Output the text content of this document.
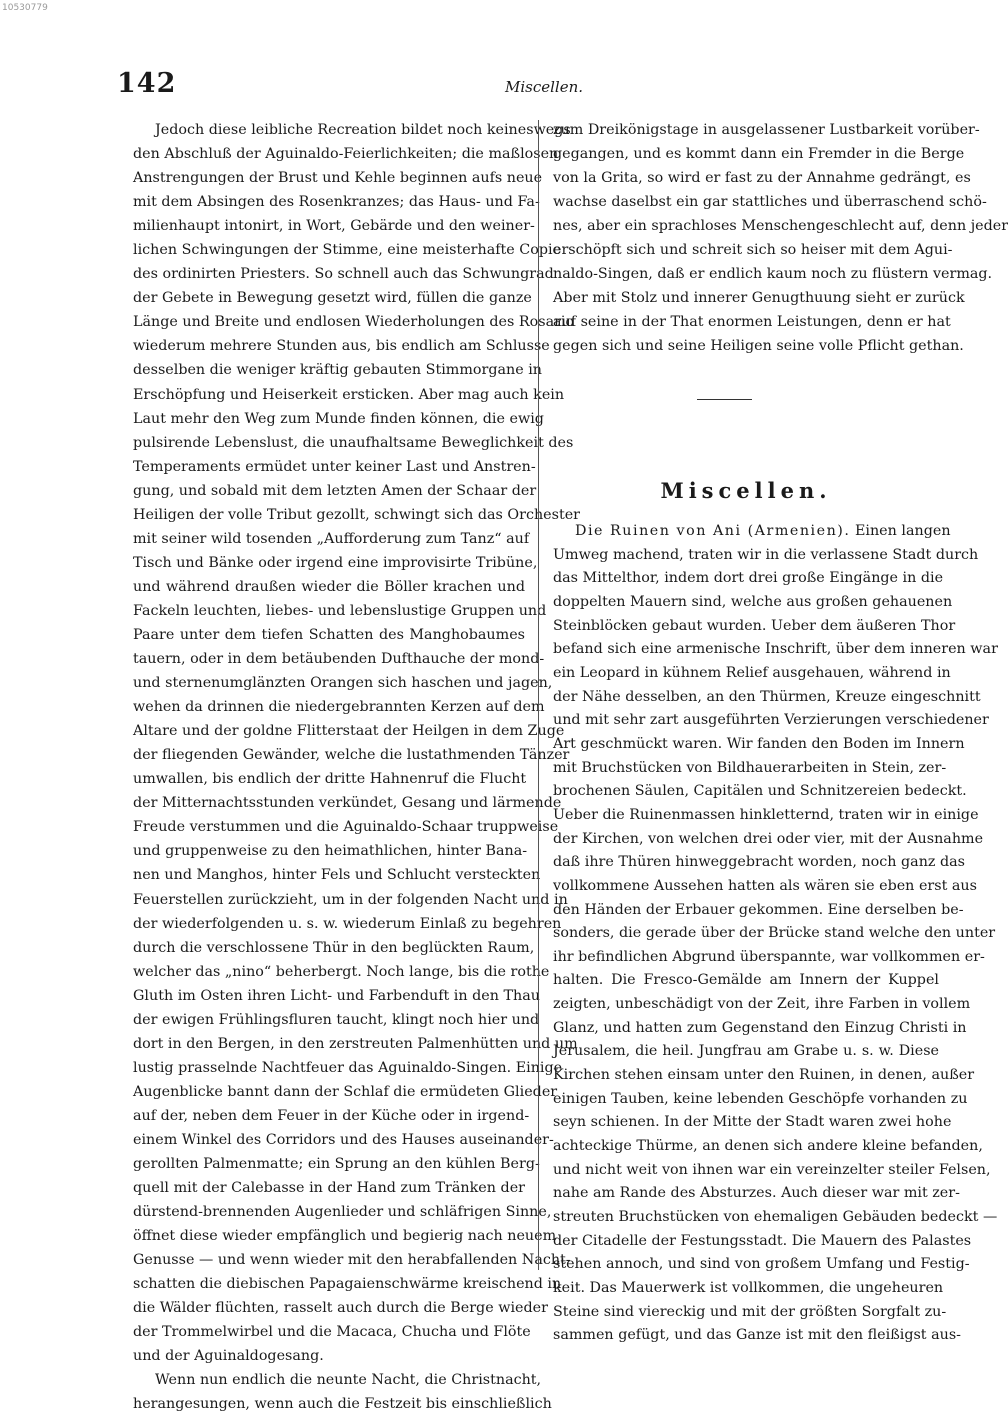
10530779
142	Miscellen.
Jedoch diese leibliche Recreation bildet noch keineswegs
den Abschluß der Aguinaldo-Feierlichkeiten; die maßlosen
Anstrengungen der Brust und Kehle beginnen aufs neue
mit dem Absingen des Rosenkranzes; das Haus- und Fa-
milienhaupt intonirt, in Wort, Gebärde und den weiner-
lichen Schwingungen der Stimme, eine meisterhafte Copie
des ordinirten Priesters. So schnell auch das Schwungrad
der Gebete in Bewegung gesetzt wird, füllen die ganze
Länge und Breite und endlosen Wiederholungen des Rosario
wiederum mehrere Stunden aus, bis endlich am Schlusse
desselben die weniger kräftig gebauten Stimmorgane in
Erschöpfung und Heiserkeit ersticken. Aber mag auch kein
Laut mehr den Weg zum Munde finden können, die ewig
pulsirende Lebenslust, die unaufhaltsame Beweglichkeit des
Temperaments ermüdet unter keiner Last und Anstren-
gung, und sobald mit dem letzten Amen der Schaar der
Heiligen der volle Tribut gezollt, schwingt sich das Orchester
mit seiner wild tosenden „Aufforderung zum Tanz“ auf
Tisch und Bänke oder irgend eine improvisirte Tribüne,
und während draußen wieder die Böller krachen und
Fackeln leuchten, liebes- und lebenslustige Gruppen und
Paare unter dem tiefen Schatten des Manghobaumes
tauern, oder in dem betäubenden Dufthauche der mond-
und sternenumglänzten Orangen sich haschen und jagen,
wehen da drinnen die niedergebrannten Kerzen auf dem
Altare und der goldne Flitterstaat der Heilgen in dem Zuge
der fliegenden Gewänder, welche die lustathmenden Tänzer
umwallen, bis endlich der dritte Hahnenruf die Flucht
der Mitternachtsstunden verkündet, Gesang und lärmende
Freude verstummen und die Aguinaldo-Schaar truppweise
und gruppenweise zu den heimathlichen, hinter Bana-
nen und Manghos, hinter Fels und Schlucht versteckten
Feuerstellen zurückzieht, um in der folgenden Nacht und in
der wiederfolgenden u. s. w. wiederum Einlaß zu begehren
durch die verschlossene Thür in den beglückten Raum,
welcher das „nino“ beherbergt. Noch lange, bis die rothe
Gluth im Osten ihren Licht- und Farbenduft in den Thau
der ewigen Frühlingsfluren taucht, klingt noch hier und
dort in den Bergen, in den zerstreuten Palmenhütten und um
lustig prasselnde Nachtfeuer das Aguinaldo-Singen. Einige
Augenblicke bannt dann der Schlaf die ermüdeten Glieder
auf der, neben dem Feuer in der Küche oder in irgend-
einem Winkel des Corridors und des Hauses auseinander-
gerollten Palmenmatte; ein Sprung an den kühlen Berg-
quell mit der Calebasse in der Hand zum Tränken der
dürstend-brennenden Augenlieder und schläfrigen Sinne,
öffnet diese wieder empfänglich und begierig nach neuem
Genusse — und wenn wieder mit den herabfallenden Nacht-
schatten die diebischen Papagaienschwärme kreischend in
die Wälder flüchten, rasselt auch durch die Berge wieder
der Trommelwirbel und die Macaca, Chucha und Flöte
und der Aguinaldogesang.
Wenn nun endlich die neunte Nacht, die Christnacht,
herangesungen, wenn auch die Festzeit bis einschließlich
zum Dreikönigstage in ausgelassener Lustbarkeit vorüber-
gegangen, und es kommt dann ein Fremder in die Berge
von la Grita, so wird er fast zu der Annahme gedrängt, es
wachse daselbst ein gar stattliches und überraschend schö-
nes, aber ein sprachloses Menschengeschlecht auf, denn jeder
erschöpft sich und schreit sich so heiser mit dem Agui-
naldo-Singen, daß er endlich kaum noch zu flüstern vermag.
Aber mit Stolz und innerer Genugthuung sieht er zurück
auf seine in der That enormen Leistungen, denn er hat
gegen sich und seine Heiligen seine volle Pflicht gethan.
Miscellen.
Die Ruinen von Ani (Armenien). Einen langen
Umweg machend, traten wir in die verlassene Stadt durch
das Mittelthor, indem dort drei große Eingänge in die
doppelten Mauern sind, welche aus großen gehauenen
Steinblöcken gebaut wurden. Ueber dem äußeren Thor
befand sich eine armenische Inschrift, über dem inneren war
ein Leopard in kühnem Relief ausgehauen, während in
der Nähe desselben, an den Thürmen, Kreuze eingeschnitt
und mit sehr zart ausgeführten Verzierungen verschiedener
Art geschmückt waren. Wir fanden den Boden im Innern
mit Bruchstücken von Bildhauerarbeiten in Stein, zer-
brochenen Säulen, Capitälen und Schnitzereien bedeckt.
Ueber die Ruinenmassen hinkletternd, traten wir in einige
der Kirchen, von welchen drei oder vier, mit der Ausnahme
daß ihre Thüren hinweggebracht worden, noch ganz das
vollkommene Aussehen hatten als wären sie eben erst aus
den Händen der Erbauer gekommen. Eine derselben be-
sonders, die gerade über der Brücke stand welche den unter
ihr befindlichen Abgrund überspannte, war vollkommen er-
halten. Die Fresco-Gemälde am Innern der Kuppel
zeigten, unbeschädigt von der Zeit, ihre Farben in vollem
Glanz, und hatten zum Gegenstand den Einzug Christi in
Jerusalem, die heil. Jungfrau am Grabe u. s. w. Diese
Kirchen stehen einsam unter den Ruinen, in denen, außer
einigen Tauben, keine lebenden Geschöpfe vorhanden zu
seyn schienen. In der Mitte der Stadt waren zwei hohe
achteckige Thürme, an denen sich andere kleine befanden,
und nicht weit von ihnen war ein vereinzelter steiler Felsen,
nahe am Rande des Absturzes. Auch dieser war mit zer-
streuten Bruchstücken von ehemaligen Gebäuden bedeckt —
der Citadelle der Festungsstadt. Die Mauern des Palastes
stehen annoch, und sind von großem Umfang und Festig-
keit. Das Mauerwerk ist vollkommen, die ungeheuren
Steine sind viereckig und mit der größten Sorgfalt zu-
sammen gefügt, und das Ganze ist mit den fleißigst aus-
